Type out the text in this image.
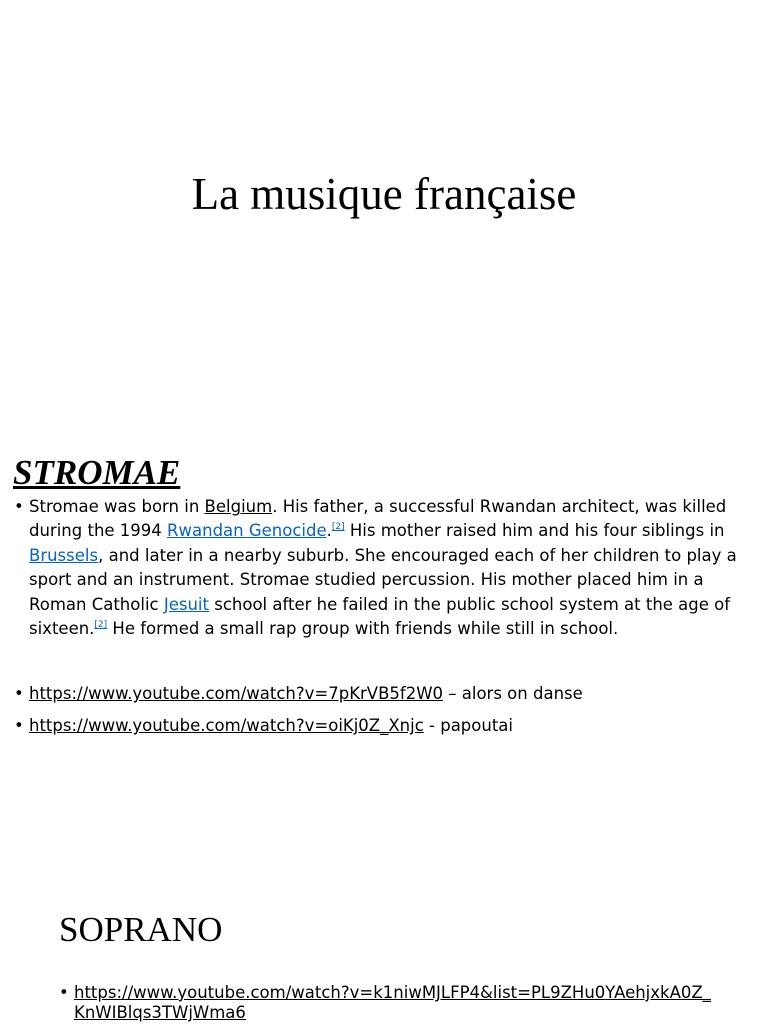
La musique française
STROMAE
• Stromae was born in Belgium. His father, a successful Rwandan architect, was killed during the 1994 Rwandan Genocide.[2] His mother raised him and his four siblings in Brussels, and later in a nearby suburb. She encouraged each of her children to play a sport and an instrument. Stromae studied percussion. His mother placed him in a Roman Catholic Jesuit school after he failed in the public school system at the age of sixteen.[2] He formed a small rap group with friends while still in school.
• https://www.youtube.com/watch?v=7pKrVB5f2W0 – alors on danse
• https://www.youtube.com/watch?v=oiKj0Z_Xnjc - papoutai
SOPRANO
• https://www.youtube.com/watch?v=k1niwMJLFP4&list=PL9ZHu0YAehjxkA0Z_KnWIBlqs3TWjWma6
